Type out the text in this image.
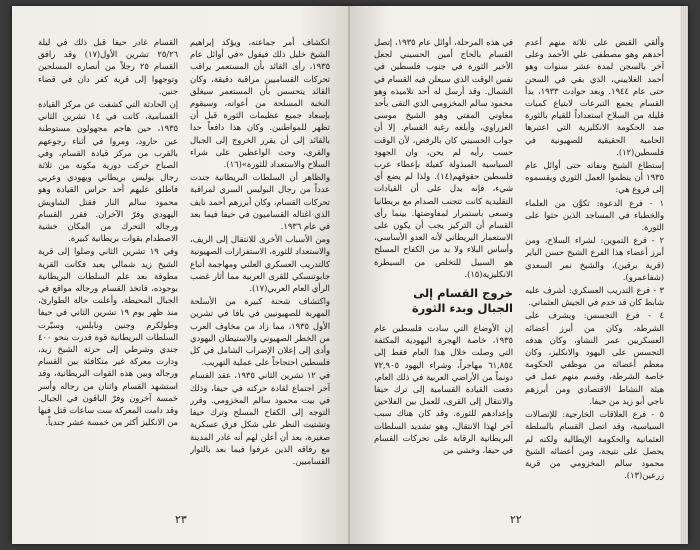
القسام غادر حيفا قبل ذلك في ليلة ٢٥/٢٦ تشرين الأول(١٧) وقد رافق القسام ٢٥ رجلاً من أنصاره المسلحين وتوجهوا إلى قرية كفر دان في قضاء جنين.

إن الحادثة التي كشفت عن مركز القيادة القسامية، كانت في ١٤ تشرين الثاني ١٩٣٥، حين هاجم مجهولون مستوطنة عين حارود، ومروا في أثناء رجوعهم بالقرب من مركز قيادة القسام، وفي الصباح حركت دورية مكونة من ثلاثة رجال بوليس بريطاني ويهودي وعربي فاطلق عليهم أحد حراس القيادة وهو محمود سالم النار فقتل الشاويش اليهودي وفرّ الآخران. فقرر القسام ورجاله التحرك من المكان خشية الاصطدام بقوات بريطانية كبيرة.

وفي ١٩ تشرين الثاني وصلوا إلى قرية الشيخ زيد شمالي يعبد فكانت القرية مطوقة بعد علم السلطات البريطانية بوجوده، فاتخذ القسام ورجاله مواقع في الجبال المحيطة، وأعلنت حالة الطوارئ، منذ ظهر يوم ١٩ تشرين الثاني في حيفا وطولكرم وجنين ونابلس، وسيّرت السلطات البريطانية قوة قدرت بنحو ٤٠٠ جندي وشرطي إلى حرثة الشيخ زيد، ودارت معركة غير متكافئة بين القسام ورجاله وبين هذه القوات البريطانية، وقد استشهد القسام واثنان من رجاله وأسر خمسة آخرون وفرّ الباقون في الجبال. وقد دامت المعركة ست ساعات قتل فيها من الانكليز أكثر من خمسة عشر جندياً.

انكشاف أمر جماعته، ويؤكد إبراهيم الشيخ خليل ذلك فيقول «في أوائل عام ١٩٣٥، رأى القائد بأن المستعمر يراقب تحركات القساميين مراقبة دقيقة، وكان القائد يتحسس بأن المستعمر سيغلق النخبة المسلحة من أعوانه، وسيقوم بإسعاد جميع عظيمات الثورة قبل أن تظهر للمواطنين. وكان هذا دافعاً حدا بالقائد إلى أن يقرر الخروج إلى الجبال والقرى، وحث الواعظين على شراء السلاح والاستعداد للثورة»(١٦).

والظاهر أن السلطات البريطانية جندت عدداً من رجال البوليس السري لمراقبة تحركات القسام، وكان أبرزهم أحمد نايف الذي اغتاله القساميون في حيفا فيما بعد في عام ١٩٣٦.

ومن الأسباب الأخرى للانتقال إلى الريف، والاستعداد للثورة، الاستفزازات الصهيونية كالتدريب العسكري العلني ومهاجمة أتباع جابوتنسكي للقرى العربية مما أثار غضب الرأي العام العربي(١٧).

واكتشاف شحنة كبيرة من الأسلحة المهربة للصهيونيين في يافا في تشرين الأول ١٩٣٥، مما زاد من مخاوف العرب من الخطر الصهيوني والاستيطان اليهودي وأدى إلى إعلان الإضراب الشامل في كل فلسطين احتجاجاً على عملية التهريب.

في ١٢ تشرين الثاني ١٩٣٥، عقد القسام آخر اجتماع لقادة حركته في حيفا، وذلك في بيت محمود سالم المخزومي. وقرر التوجه إلى الكفاح المسلح وترك حيفا وتشتيت النظر على شكل فرق عسكرية صغيرة، بعد أن أعلن لهم أنه غادر المدينة مع رفاقه الذين عرفوا فيما بعد بالثوار القساميين.

٢٣

في هذه المرحلة، أوائل عام ١٩٣٥، إتصل القسام بالحاج أمين الحسيني لجعل الأخير الثورة في جنوب فلسطين في نفس الوقت الذي سيعلن فيه القسام في الشمال. وقد أرسل له أحد تلاميذه وهو محمود سالم المخزومي الذي التقى بأحد معاوني المفتي وهو الشيخ موسى العزراوي، وأبلغه رغبة القسام. إلا أن جواب الحسيني كان بالرفض، لأن الوقت حسب رأيه لم يحن، وان الجهود السياسية المبذولة كفيلة بإعطاء عرب فلسطين حقوقهم(١٤). ولذا لم يضع أي شيء، فإنه يدل على أن القيادات التقليدية كانت تتجنب الصدام مع بريطانيا وتسعى باستمرار لمفاوضتها. بينما رأى القسام أن التركيز يجب أن يكون على الاستعمار البريطاني لأنه العدو الأساسي، وأساس البلاء ولا بد من الكفاح المسلح هو السبيل للتخلص من السيطرة الانكليزية(١٥).

خروج القسام إلى الجبال وبدء الثورة

إن الأوضاع التي سادت فلسطين عام ١٩٣٥، خاصة الهجرة اليهودية المكثفة التي وصلت خلال هذا العام فقط إلى ٦١,٨٥٤ مهاجراً، وشراء اليهود ٧٢,٩٠٥ دونماً من الأراضي العربية في ذلك العام، دفعت القيادة القسامية إلى ترك حيفا والانتقال إلى القرى، للعمل بين الفلاحين وإعدادهم للثورة. وقد كان هناك سبب آخر لهذا الانتقال، وهو تشديد السلطات البريطانية الرقابة على تحركات القسام في حيفا، وخشي من

وأُلقي القبض على ثلاثة منهم أعدم أحدهم وهو مصطفى علي الأحمد وعلى آخر بالسجن لمدة عشر سنوات وهو أحمد الغلاييني، الذي بقي في السجن حتى عام ١٩٤٤. وبعد حوادث ١٩٣٣، بدأ القسام يجمع التبرعات لابتياع كميات قليلة من السلاح استعداداً للقيام بالثورة ضد الحكومة الانكليزية التي اعتبرها الحامية الحقيقية للصهيونية في فلسطين(١٢).

إستطاع الشيخ ونفاته حتى أوائل عام ١٩٣٥ أن ينظموا العمل الثوري ويقسموه إلى فروع هي:

١ - فرع الدعوة: تكوَّن من العلماء والخطباء في المساجد الذين حثوا على الثورة.

٢ - فرع التموين: لشراء السلاح، ومن أبرز أعضاء هذا الفرع الشيخ حسن الباير (قرية برقين)، والشيخ نمر السعدي (شفاعمرو).

٣ - فرع التدريب العسكري: أشرف عليه شابط كان قد خدم في الجيش العثماني.

٤ - فرع التجسس: ويشرف على الشرطة، وكان من أبرز أعضائه العسكريين عمر النشاو، وكان هدفه التجسس على اليهود والانكليز، وكان معظم أعضائه من موظفي الحكومة خاصة الشرطة، وقسم منهم عمل في هيئة النشاط الاقتصادي ومن أبرزهم ناجي أبو زيد من حيفا.

٥ - فرع العلاقات الخارجية: للإتصالات السياسية، وقد اتصل القسام بالسلطة العثمانية والحكومة الإيطالية ولكنه لم يحصل على نتيجة، ومن أعضائه الشيخ محمود سالم المخزومي من قرية زرعين(١٣).

٢٢
